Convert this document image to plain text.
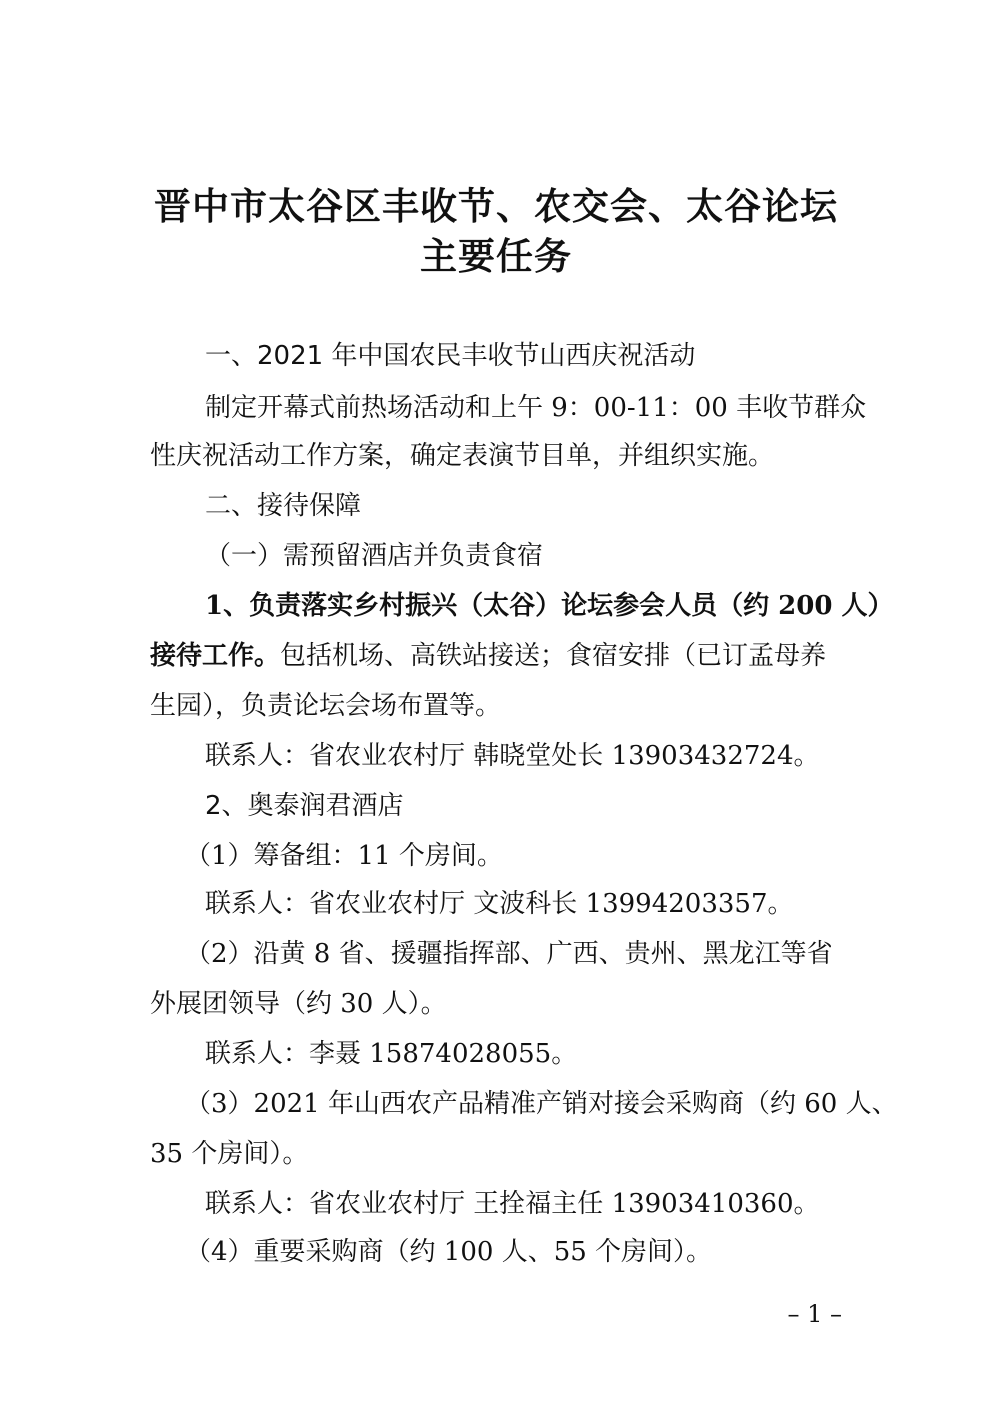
晋中市太谷区丰收节、农交会、太谷论坛
主要任务
一、2021 年中国农民丰收节山西庆祝活动
制定开幕式前热场活动和上午 9：00-11：00 丰收节群众
性庆祝活动工作方案，确定表演节目单，并组织实施。
二、接待保障
（一）需预留酒店并负责食宿
1、负责落实乡村振兴（太谷）论坛参会人员（约 200 人）
接待工作。包括机场、高铁站接送；食宿安排（已订孟母养
生园），负责论坛会场布置等。
联系人：省农业农村厅 韩晓堂处长 13903432724。
2、奥泰润君酒店
（1）筹备组：11 个房间。
联系人：省农业农村厅 文波科长 13994203357。
（2）沿黄 8 省、援疆指挥部、广西、贵州、黑龙江等省
外展团领导（约 30 人）。
联系人：李聂 15874028055。
（3）2021 年山西农产品精准产销对接会采购商（约 60 人、
35 个房间）。
联系人：省农业农村厅 王拴福主任 13903410360。
（4）重要采购商（约 100 人、55 个房间）。
– 1 –
